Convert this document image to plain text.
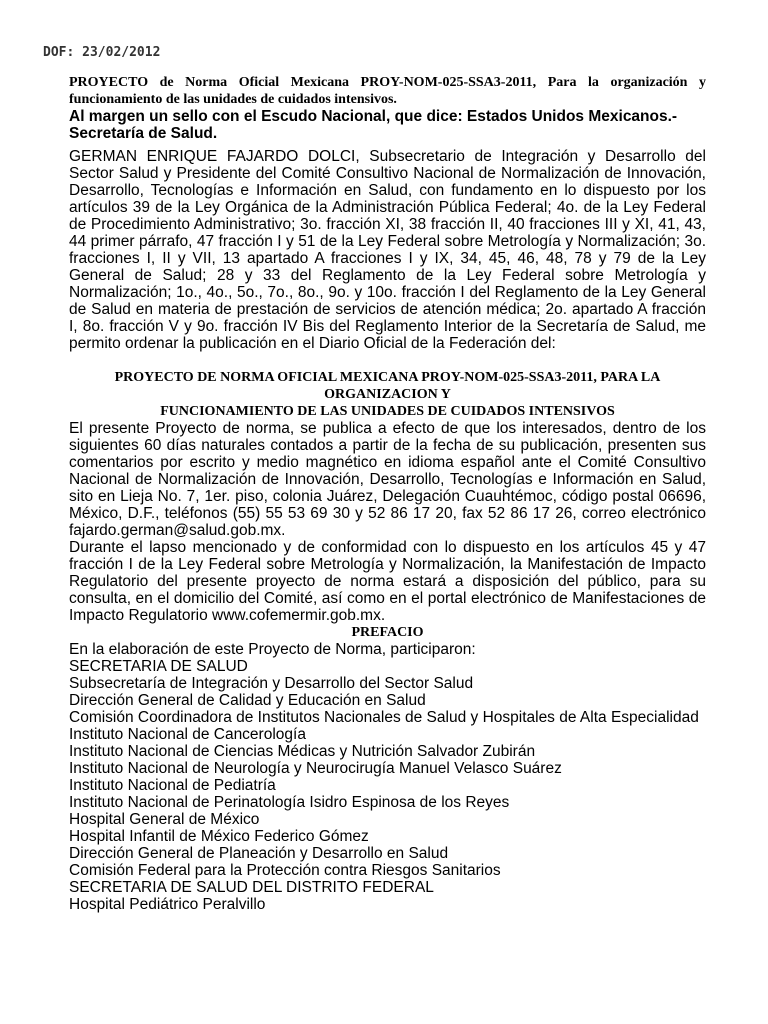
DOF: 23/02/2012

PROYECTO de Norma Oficial Mexicana PROY-NOM-025-SSA3-2011, Para la organización y funcionamiento de las unidades de cuidados intensivos.

Al margen un sello con el Escudo Nacional, que dice: Estados Unidos Mexicanos.- Secretaría de Salud.

GERMAN ENRIQUE FAJARDO DOLCI, Subsecretario de Integración y Desarrollo del Sector Salud y Presidente del Comité Consultivo Nacional de Normalización de Innovación, Desarrollo, Tecnologías e Información en Salud, con fundamento en lo dispuesto por los artículos 39 de la Ley Orgánica de la Administración Pública Federal; 4o. de la Ley Federal de Procedimiento Administrativo; 3o. fracción XI, 38 fracción II, 40 fracciones III y XI, 41, 43, 44 primer párrafo, 47 fracción I y 51 de la Ley Federal sobre Metrología y Normalización; 3o. fracciones I, II y VII, 13 apartado A fracciones I y IX, 34, 45, 46, 48, 78 y 79 de la Ley General de Salud; 28 y 33 del Reglamento de la Ley Federal sobre Metrología y Normalización; 1o., 4o., 5o., 7o., 8o., 9o. y 10o. fracción I del Reglamento de la Ley General de Salud en materia de prestación de servicios de atención médica; 2o. apartado A fracción I, 8o. fracción V y 9o. fracción IV Bis del Reglamento Interior de la Secretaría de Salud, me permito ordenar la publicación en el Diario Oficial de la Federación del:

PROYECTO DE NORMA OFICIAL MEXICANA PROY-NOM-025-SSA3-2011, PARA LA ORGANIZACION Y

FUNCIONAMIENTO DE LAS UNIDADES DE CUIDADOS INTENSIVOS

El presente Proyecto de norma, se publica a efecto de que los interesados, dentro de los siguientes 60 días naturales contados a partir de la fecha de su publicación, presenten sus comentarios por escrito y medio magnético en idioma español ante el Comité Consultivo Nacional de Normalización de Innovación, Desarrollo, Tecnologías e Información en Salud, sito en Lieja No. 7, 1er. piso, colonia Juárez, Delegación Cuauhtémoc, código postal 06696, México, D.F., teléfonos (55) 55 53 69 30 y 52 86 17 20, fax 52 86 17 26, correo electrónico fajardo.german@salud.gob.mx.

Durante el lapso mencionado y de conformidad con lo dispuesto en los artículos 45 y 47 fracción I de la Ley Federal sobre Metrología y Normalización, la Manifestación de Impacto Regulatorio del presente proyecto de norma estará a disposición del público, para su consulta, en el domicilio del Comité, así como en el portal electrónico de Manifestaciones de Impacto Regulatorio www.cofemermir.gob.mx.

PREFACIO

En la elaboración de este Proyecto de Norma, participaron:

SECRETARIA DE SALUD

Subsecretaría de Integración y Desarrollo del Sector Salud

Dirección General de Calidad y Educación en Salud

Comisión Coordinadora de Institutos Nacionales de Salud y Hospitales de Alta Especialidad

Instituto Nacional de Cancerología

Instituto Nacional de Ciencias Médicas y Nutrición Salvador Zubirán

Instituto Nacional de Neurología y Neurocirugía Manuel Velasco Suárez

Instituto Nacional de Pediatría

Instituto Nacional de Perinatología Isidro Espinosa de los Reyes

Hospital General de México

Hospital Infantil de México Federico Gómez

Dirección General de Planeación y Desarrollo en Salud

Comisión Federal para la Protección contra Riesgos Sanitarios

SECRETARIA DE SALUD DEL DISTRITO FEDERAL

Hospital Pediátrico Peralvillo
